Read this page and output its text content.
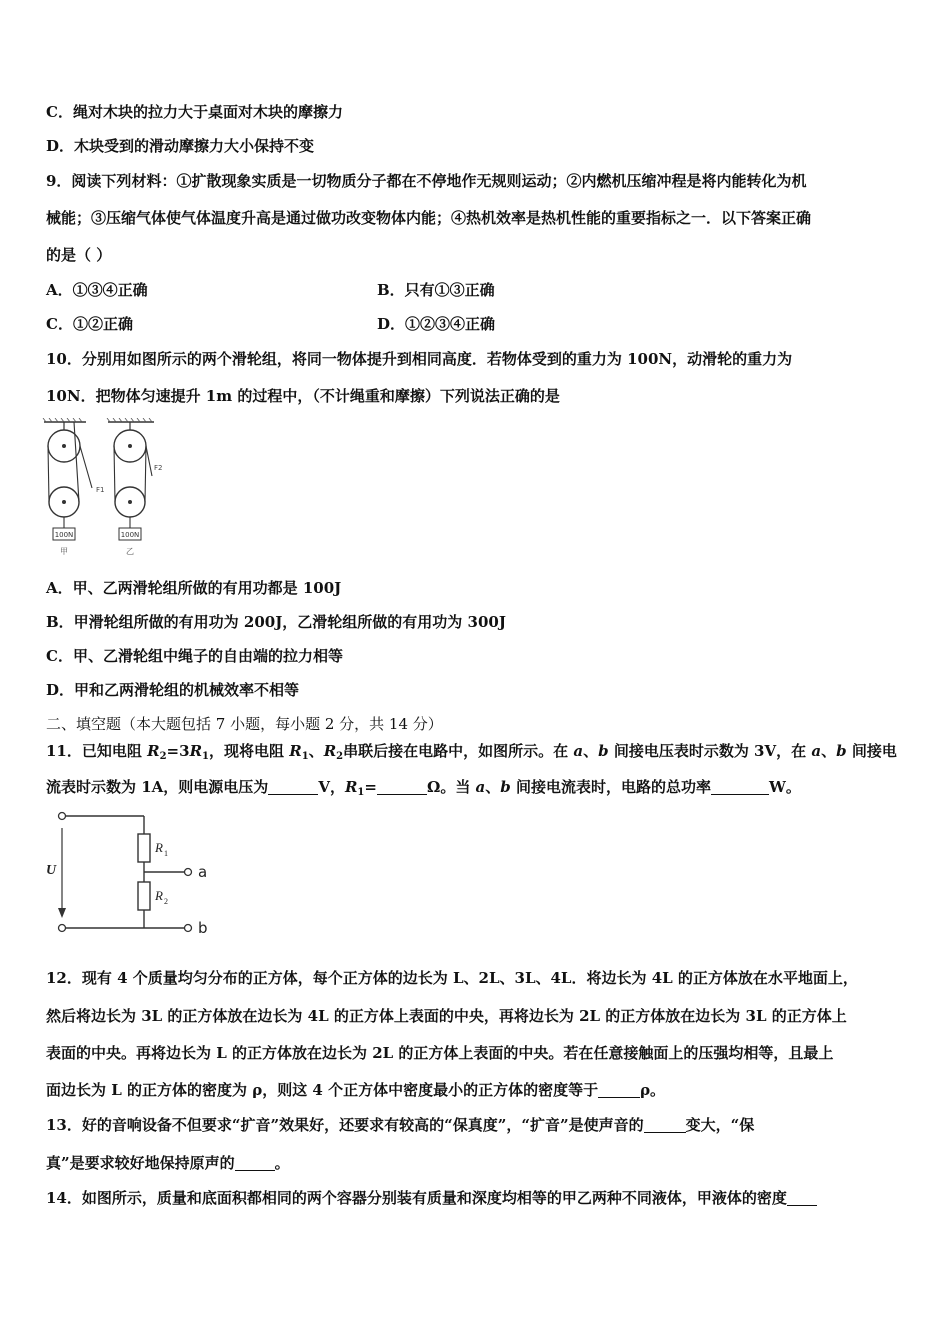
C．绳对木块的拉力大于桌面对木块的摩擦力
D．木块受到的滑动摩擦力大小保持不变
9．阅读下列材料：①扩散现象实质是一切物质分子都在不停地作无规则运动；②内燃机压缩冲程是将内能转化为机
械能；③压缩气体使气体温度升高是通过做功改变物体内能；④热机效率是热机性能的重要指标之一．以下答案正确
的是（ ）
A．①③④正确	B．只有①③正确
C．①②正确	D．①②③④正确
10．分别用如图所示的两个滑轮组，将同一物体提升到相同高度．若物体受到的重力为 100N，动滑轮的重力为
10N．把物体匀速提升 1m 的过程中，（不计绳重和摩擦）下列说法正确的是
100N
F1
甲
100N
F2
乙
A．甲、乙两滑轮组所做的有用功都是 100J
B．甲滑轮组所做的有用功为 200J，乙滑轮组所做的有用功为 300J
C．甲、乙滑轮组中绳子的自由端的拉力相等
D．甲和乙两滑轮组的机械效率不相等
二、填空题（本大题包括 7 小题，每小题 2 分，共 14 分）
11．已知电阻 $R_2=3R_1$，现将电阻 $R_1$、$R_2$串联后接在电路中，如图所示。在 a、b 间接电压表时示数为 3V，在 a、b 间接电
流表时示数为 1A，则电源电压为	V，$R_1=$	Ω。当 a、b 间接电流表时，电路的总功率	W。
U
R 1
R 2
a
b
12．现有 4 个质量均匀分布的正方体，每个正方体的边长为 L、2L、3L、4L．将边长为 4L 的正方体放在水平地面上，
然后将边长为 3L 的正方体放在边长为 4L 的正方体上表面的中央，再将边长为 2L 的正方体放在边长为 3L 的正方体上
表面的中央。再将边长为 L 的正方体放在边长为 2L 的正方体上表面的中央。若在任意接触面上的压强均相等，且最上
面边长为 L 的正方体的密度为 ρ，则这 4 个正方体中密度最小的正方体的密度等于	ρ。
13．好的音响设备不但要求“扩音”效果好，还要求有较高的“保真度”，“扩音”是使声音的	变大，“保
真”是要求较好地保持原声的	。
14．如图所示，质量和底面积都相同的两个容器分别装有质量和深度均相等的甲乙两种不同液体，甲液体的密度
